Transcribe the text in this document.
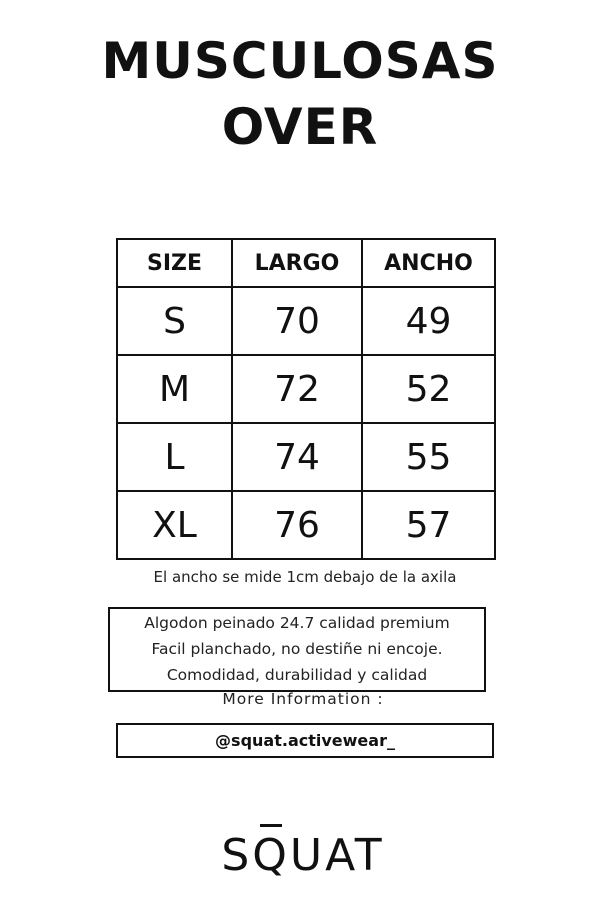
MUSCULOSAS
OVER
SIZE	LARGO	ANCHO
S	70	49
M	72	52
L	74	55
XL	76	57
El ancho se mide 1cm debajo de la axila
Algodon peinado 24.7 calidad premium
Facil planchado, no destiñe ni encoje.
Comodidad, durabilidad y calidad
More Information :
@squat.activewear_
SQUAT
